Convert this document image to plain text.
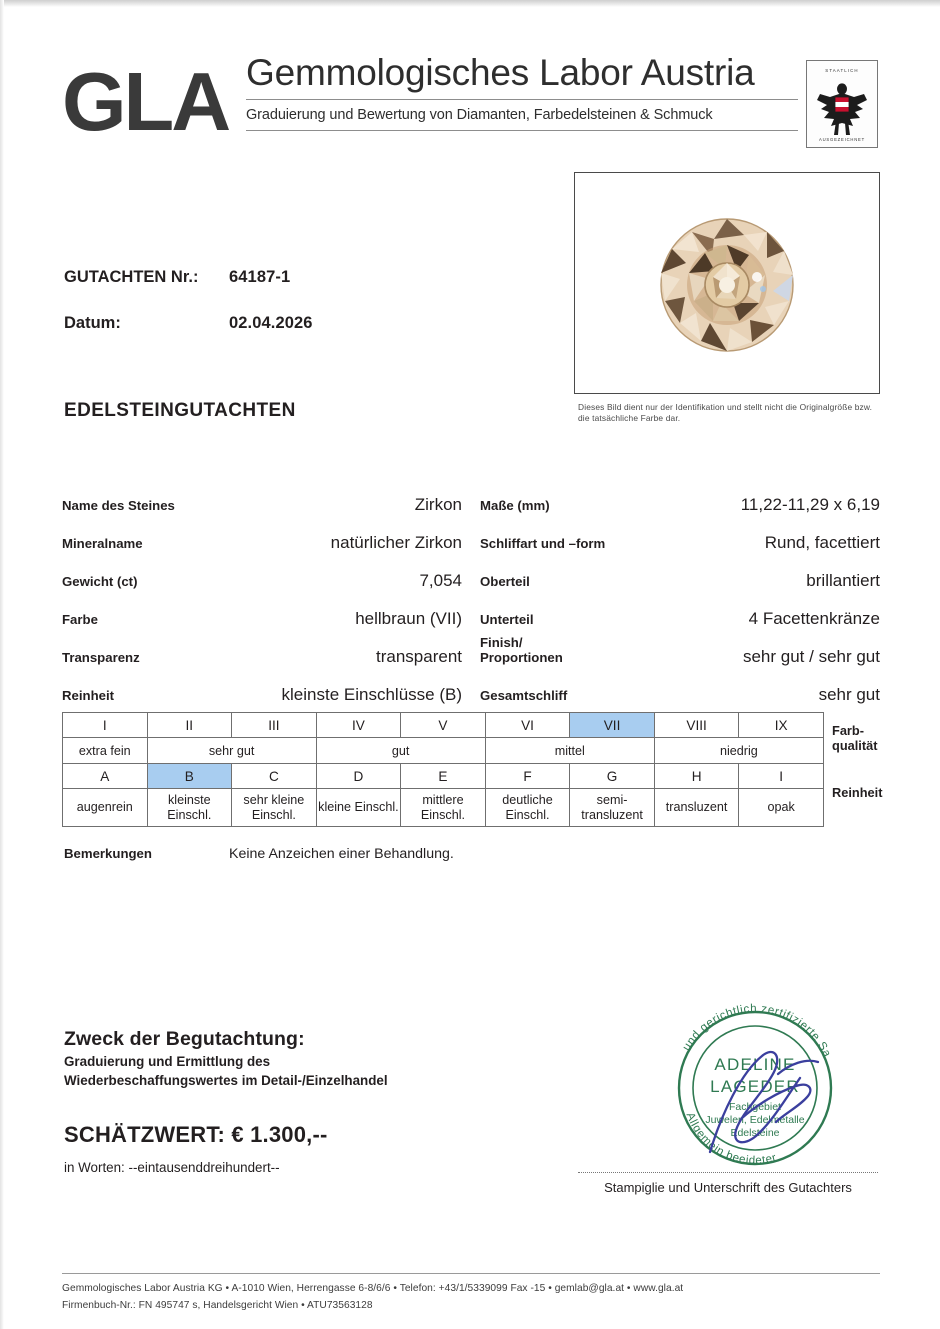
GLA Gemmologisches Labor Austria
Graduierung und Bewertung von Diamanten, Farbedelsteinen & Schmuck
STAATLICH
AUSGEZEICHNET
GUTACHTEN Nr.:	64187-1
Datum:	02.04.2026
EDELSTEINGUTACHTEN	Dieses Bild dient nur der Identifikation und stellt nicht die Originalgröße bzw. die tatsächliche Farbe dar.
Name des Steines	Zirkon
Mineralname	natürlicher Zirkon
Gewicht (ct)	7,054
Farbe	hellbraun (VII)
Transparenz	transparent
Reinheit	kleinste Einschlüsse (B)
Maße (mm)	11,22-11,29 x 6,19
Schliffart und –form	Rund, facettiert
Oberteil	brillantiert
Unterteil	4 Facettenkränze
Finish/
Proportionen	sehr gut / sehr gut
Gesamtschliff	sehr gut
I	II	III	IV	V	VI	VII	VIII	IX
extra fein	sehr gut		gut		mittel		niedrig	
A	B	C	D	E	F	G	H	I
augenrein	kleinste Einschl.	sehr kleine Einschl.	kleine Einschl.	mittlere Einschl.	deutliche Einschl.	semi- transluzent	transluzent	opak
Farb-
qualität
Reinheit
Bemerkungen	Keine Anzeichen einer Behandlung.
Zweck der Begutachtung:
Graduierung und Ermittlung des
Wiederbeschaffungswertes im Detail-/Einzelhandel
SCHÄTZWERT: € 1.300,--
in Worten: --eintausenddreihundert--
und gerichtlich zertifizierte Sa
Allgemein beeideter
ADELINE
LAGEDER
Fachgebiet
Juwelen, Edelmetalle
Edelsteine
Stampiglie und Unterschrift des Gutachters
Gemmologisches Labor Austria KG • A-1010 Wien, Herrengasse 6-8/6/6 • Telefon: +43/1/5339099 Fax -15 • gemlab@gla.at • www.gla.at
Firmenbuch-Nr.: FN 495747 s, Handelsgericht Wien • ATU73563128
